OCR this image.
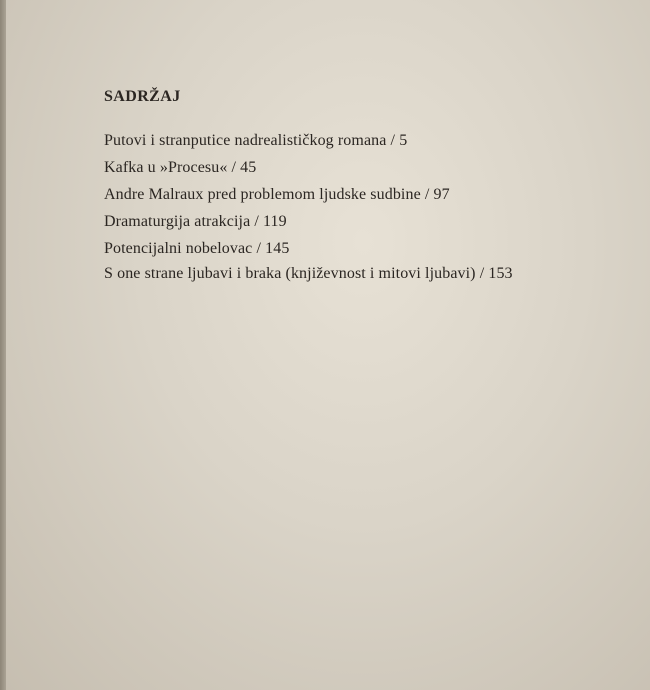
SADRŽAJ
Putovi i stranputice nadrealističkog romana / 5
Kafka u »Procesu« / 45
Andre Malraux pred problemom ljudske sudbine / 97
Dramaturgija atrakcija / 119
Potencijalni nobelovac / 145
S one strane ljubavi i braka (književnost i mitovi ljubavi) / 153
